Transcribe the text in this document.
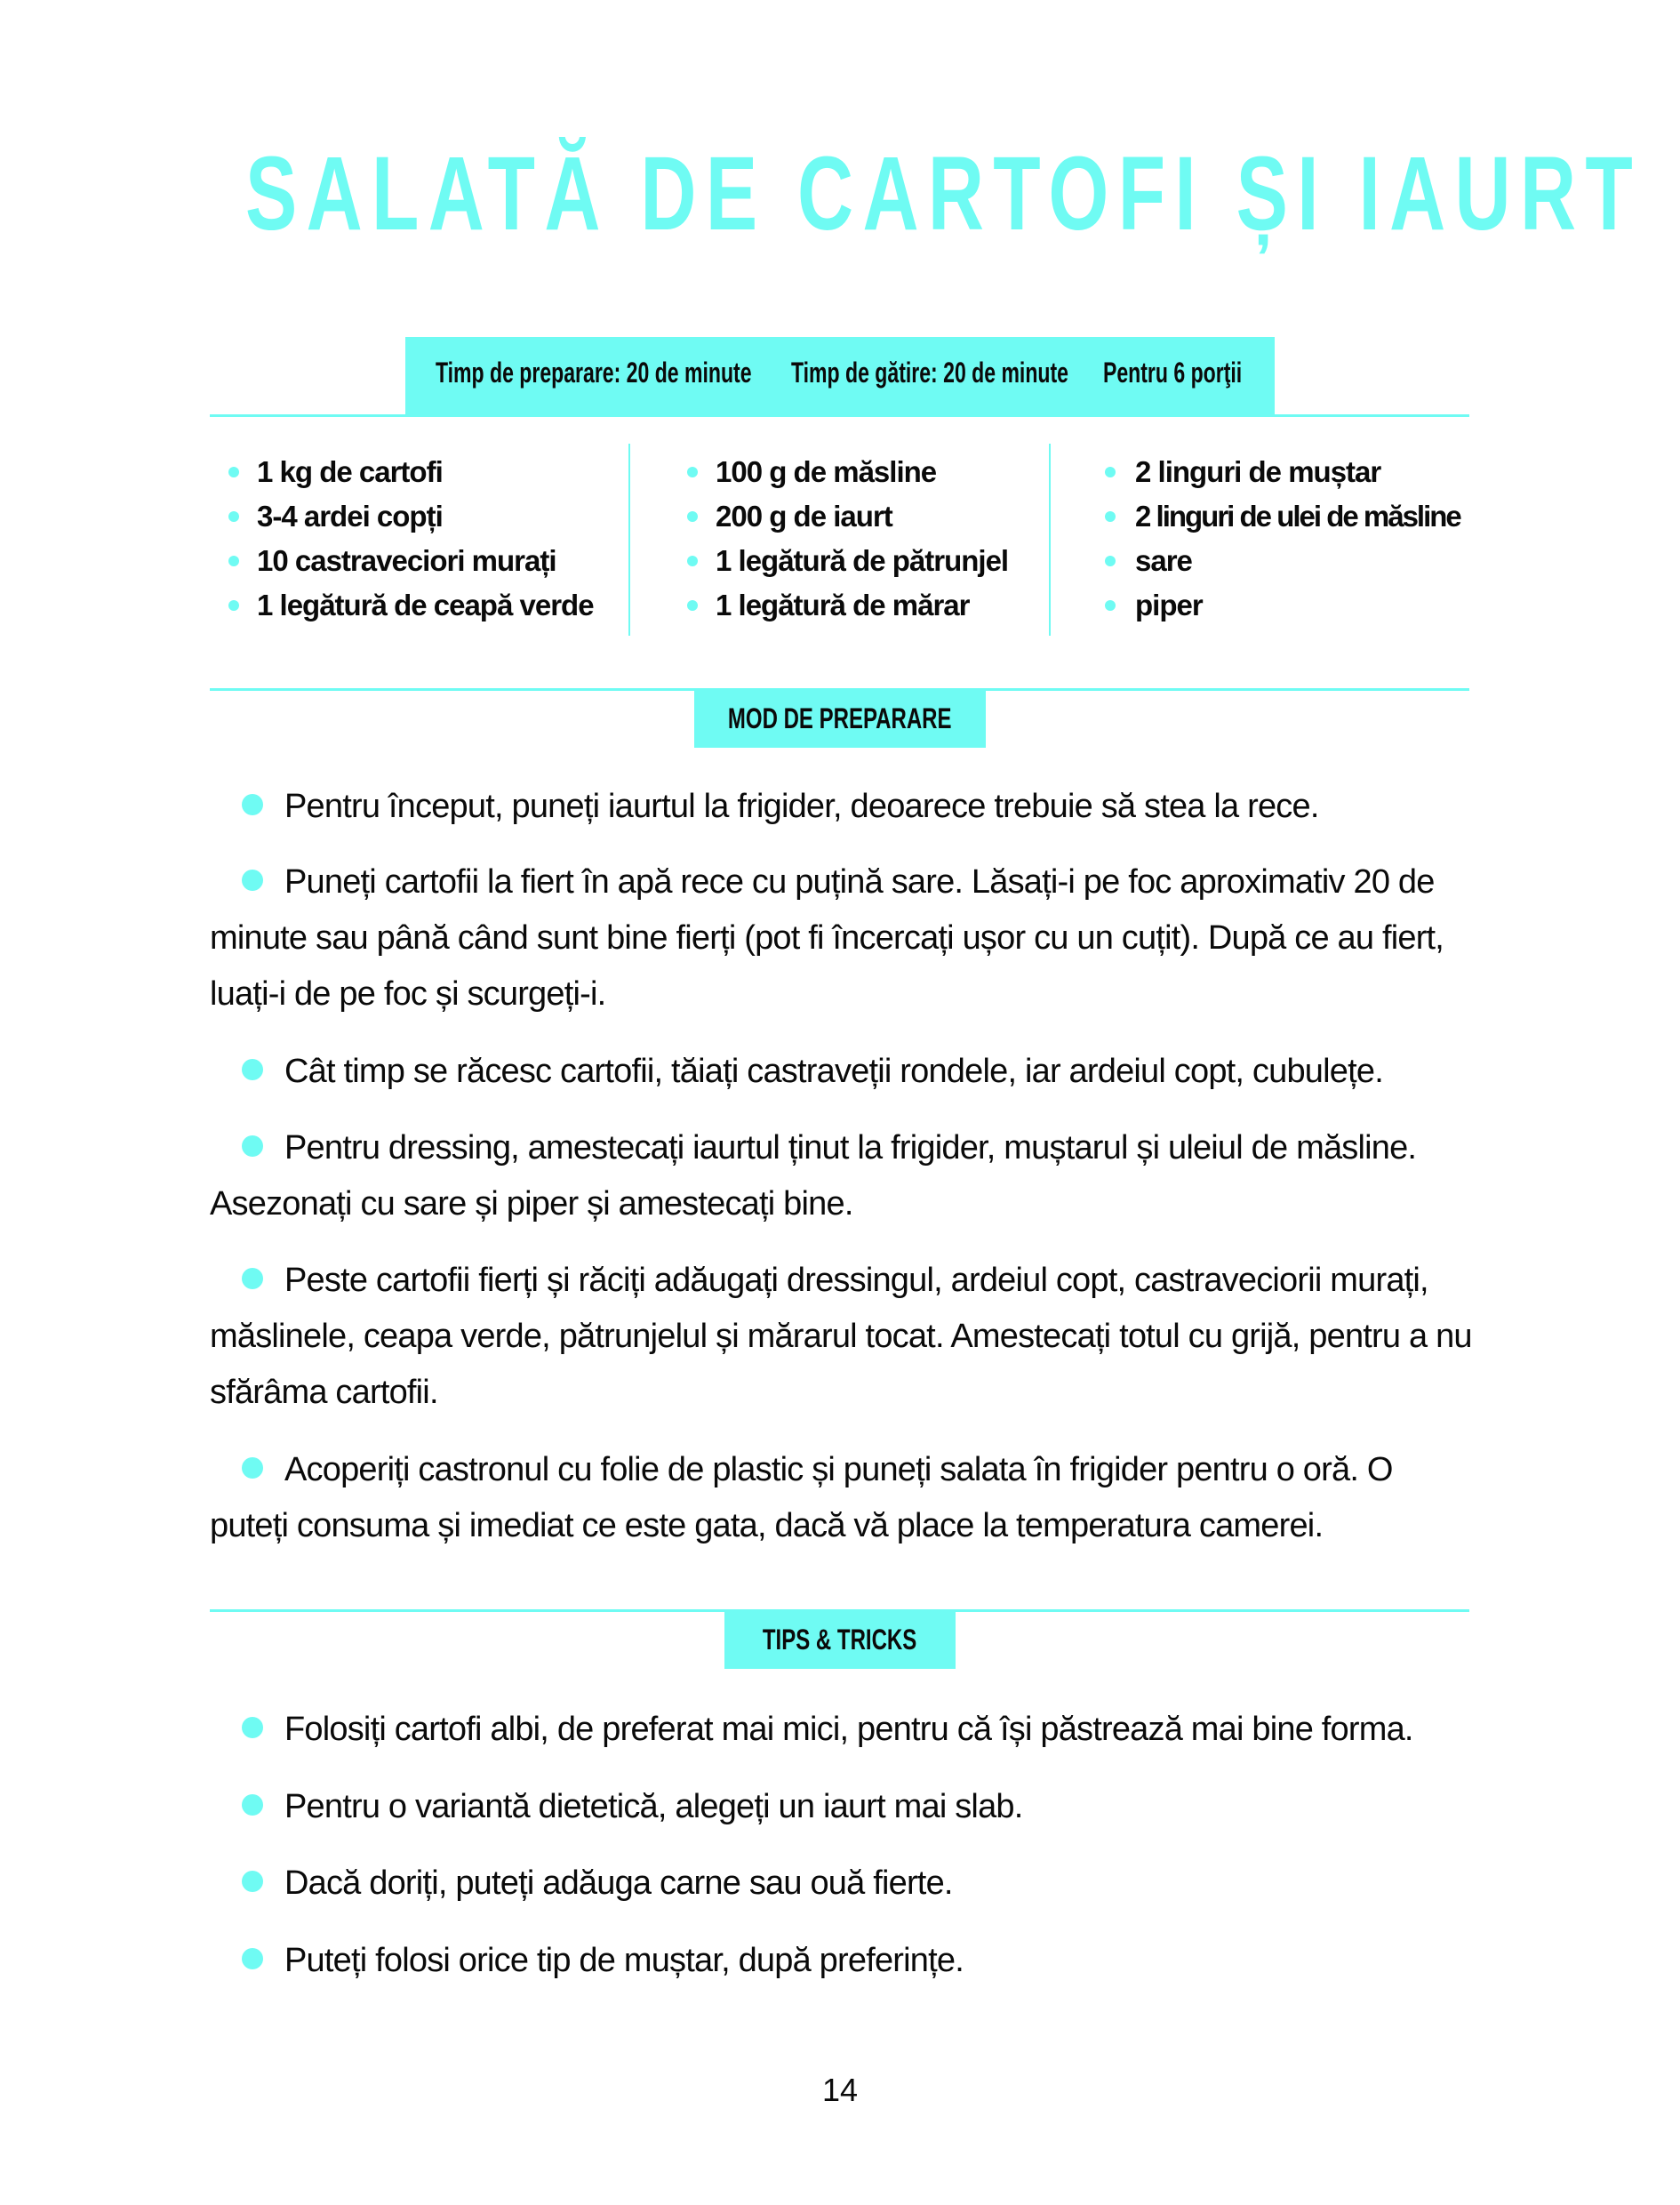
SALATĂ DE CARTOFI ȘI IAURT
Timp de preparare: 20 de minute	Timp de gătire: 20 de minute	Pentru 6 porţii
1 kg de cartofi
3-4 ardei copți
10 castraveciori murați
1 legătură de ceapă verde
100 g de măsline
200 g de iaurt
1 legătură de pătrunjel
1 legătură de mărar
2 linguri de muștar
2 linguri de ulei de măsline
sare
piper
MOD DE PREPARARE
Pentru început, puneți iaurtul la frigider, deoarece trebuie să stea la rece.
Puneți cartofii la fiert în apă rece cu puțină sare. Lăsați-i pe foc aproximativ 20 de minute sau până când sunt bine fierți (pot fi încercați ușor cu un cuțit). După ce au fiert, luați-i de pe foc și scurgeți-i.
Cât timp se răcesc cartofii, tăiați castraveții rondele, iar ardeiul copt, cubulețe.
Pentru dressing, amestecați iaurtul ținut la frigider, muștarul și uleiul de măsline. Asezonați cu sare și piper și amestecați bine.
Peste cartofii fierți și răciți adăugați dressingul, ardeiul copt, castraveciorii murați, măslinele, ceapa verde, pătrunjelul și mărarul tocat. Amestecați totul cu grijă, pentru a nu sfărâma cartofii.
Acoperiți castronul cu folie de plastic și puneți salata în frigider pentru o oră. O puteți consuma și imediat ce este gata, dacă vă place la temperatura camerei.
TIPS & TRICKS
Folosiți cartofi albi, de preferat mai mici, pentru că își păstrează mai bine forma.
Pentru o variantă dietetică, alegeți un iaurt mai slab.
Dacă doriți, puteți adăuga carne sau ouă fierte.
Puteți folosi orice tip de muștar, după preferințe.
14
